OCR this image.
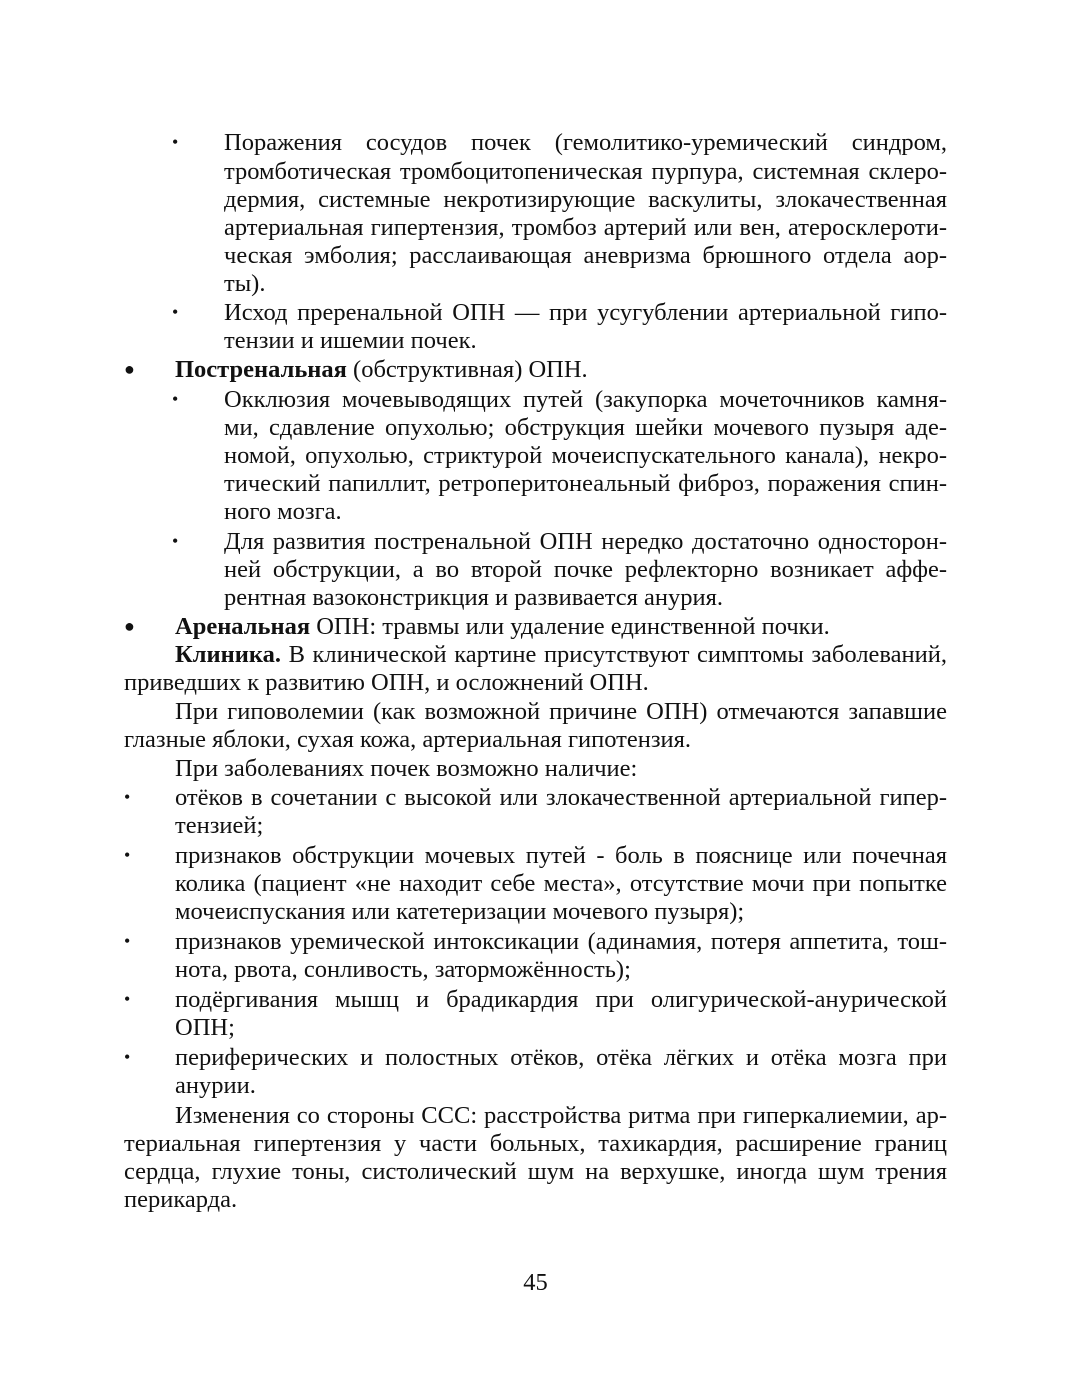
• Поражения сосудов почек (гемолитико-уремический синдром,
тромботическая тромбоцитопеническая пурпура, системная склеро-
дермия, системные некротизирующие васкулиты, злокачественная
артериальная гипертензия, тромбоз артерий или вен, атеросклероти-
ческая эмболия; расслаивающая аневризма брюшного отдела аор-
ты).
• Исход преренальной ОПН — при усугублении артериальной гипо-
тензии и ишемии почек.
● Постренальная (обструктивная) ОПН.
• Окклюзия мочевыводящих путей (закупорка мочеточников камня-
ми, сдавление опухолью; обструкция шейки мочевого пузыря аде-
номой, опухолью, стриктурой мочеиспускательного канала), некро-
тический папиллит, ретроперитонеальный фиброз, поражения спин-
ного мозга.
• Для развития постренальной ОПН нередко достаточно односторон-
ней обструкции, а во второй почке рефлекторно возникает аффе-
рентная вазоконстрикция и развивается анурия.
● Аренальная ОПН: травмы или удаление единственной почки.
Клиника. В клинической картине присутствуют симптомы заболеваний,
приведших к развитию ОПН, и осложнений ОПН.
При гиповолемии (как возможной причине ОПН) отмечаются запавшие
глазные яблоки, сухая кожа, артериальная гипотензия.
При заболеваниях почек возможно наличие:
• отёков в сочетании с высокой или злокачественной артериальной гипер-
тензией;
• признаков обструкции мочевых путей - боль в пояснице или почечная
колика (пациент «не находит себе места», отсутствие мочи при попытке
мочеиспускания или катетеризации мочевого пузыря);
• признаков уремической интоксикации (адинамия, потеря аппетита, тош-
нота, рвота, сонливость, заторможённость);
• подёргивания мышц и брадикардия при олигурической-анурической
ОПН;
• периферических и полостных отёков, отёка лёгких и отёка мозга при
анурии.
Изменения со стороны ССС: расстройства ритма при гиперкалиемии, ар-
териальная гипертензия у части больных, тахикардия, расширение границ
сердца, глухие тоны, систолический шум на верхушке, иногда шум трения
перикарда.
45
